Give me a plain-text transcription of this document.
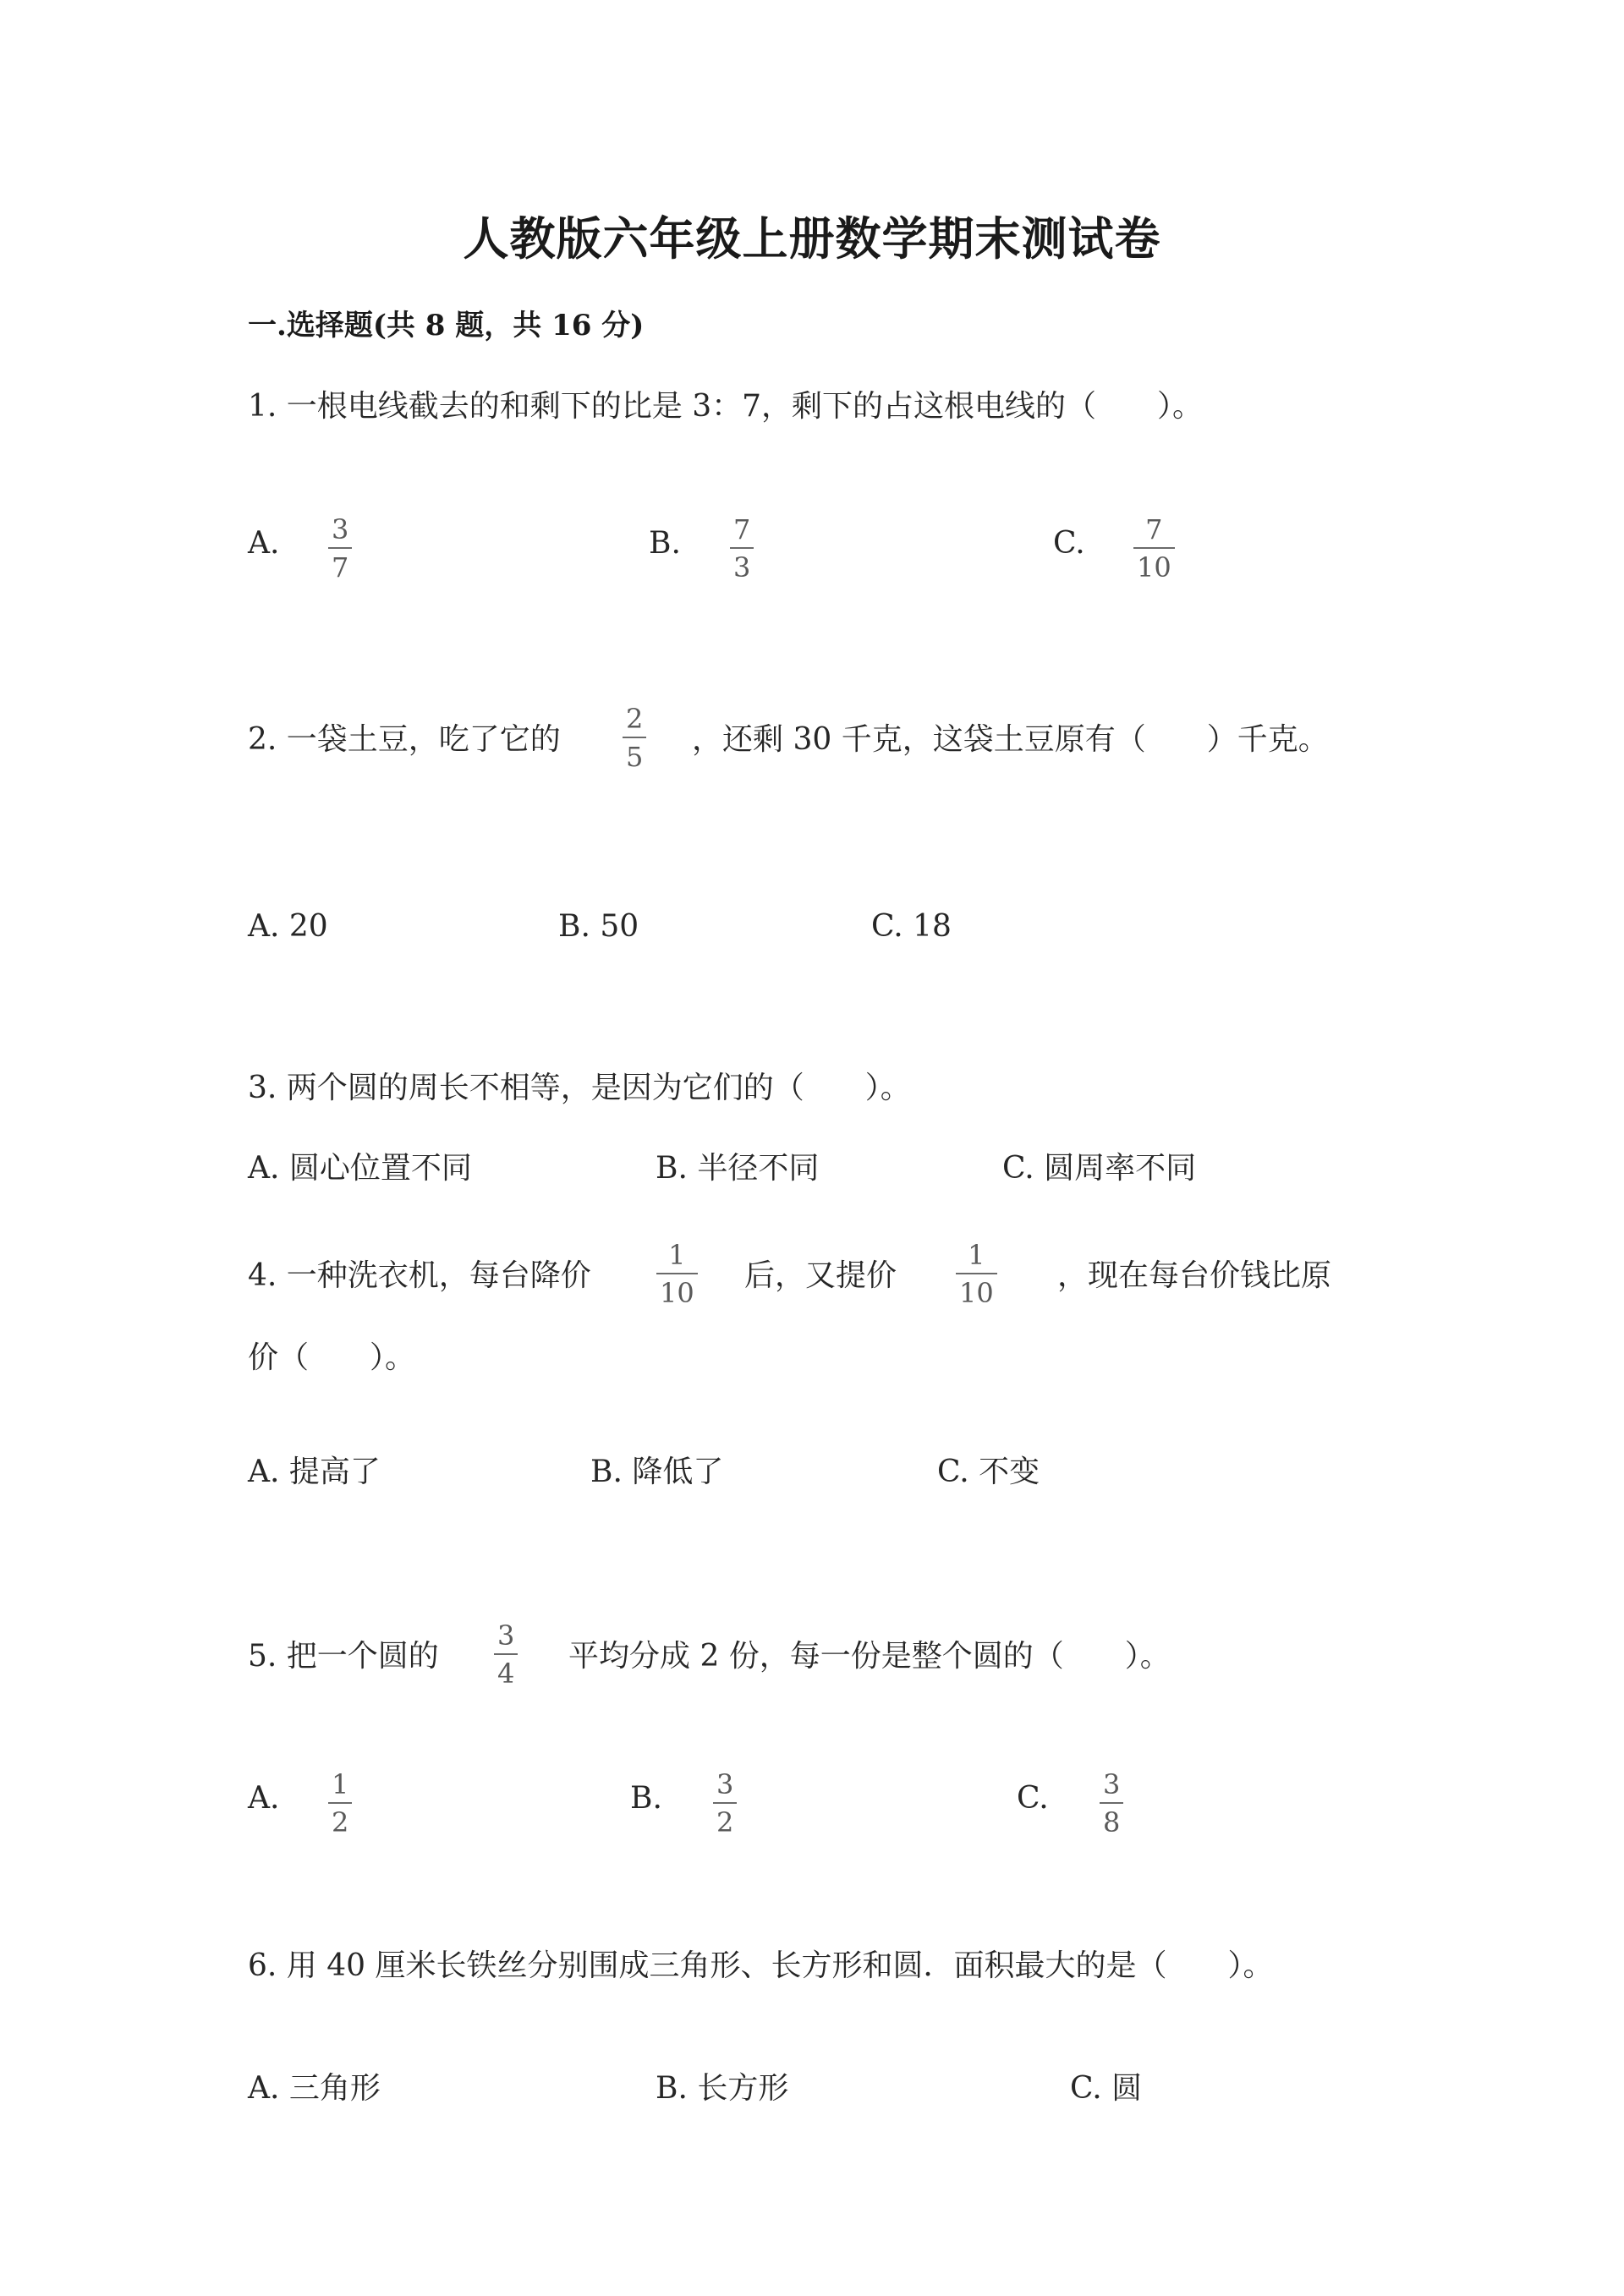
人教版六年级上册数学期末测试卷
一.选择题(共 8 题，共 16 分)
1. 一根电线截去的和剩下的比是 3：7，剩下的占这根电线的（　　）。
A. $\frac{3}{7}$	B. $\frac{7}{3}$	C. $\frac{7}{10}$
2. 一袋土豆，吃了它的 $\frac{2}{5}$ ，还剩 30 千克，这袋土豆原有（　　）千克。
A. 20	B. 50	C. 18
3. 两个圆的周长不相等，是因为它们的（　　）。
A. 圆心位置不同	B. 半径不同	C. 圆周率不同
4. 一种洗衣机，每台降价 $\frac{1}{10}$ 后，又提价 $\frac{1}{10}$ ，现在每台价钱比原
价（　　）。
A. 提高了	B. 降低了	C. 不变
5. 把一个圆的 $\frac{3}{4}$ 平均分成 2 份，每一份是整个圆的（　　）。
A. $\frac{1}{2}$	B. $\frac{3}{2}$	C. $\frac{3}{8}$
6. 用 40 厘米长铁丝分别围成三角形、长方形和圆．面积最大的是（　　）。
A. 三角形	B. 长方形	C. 圆
